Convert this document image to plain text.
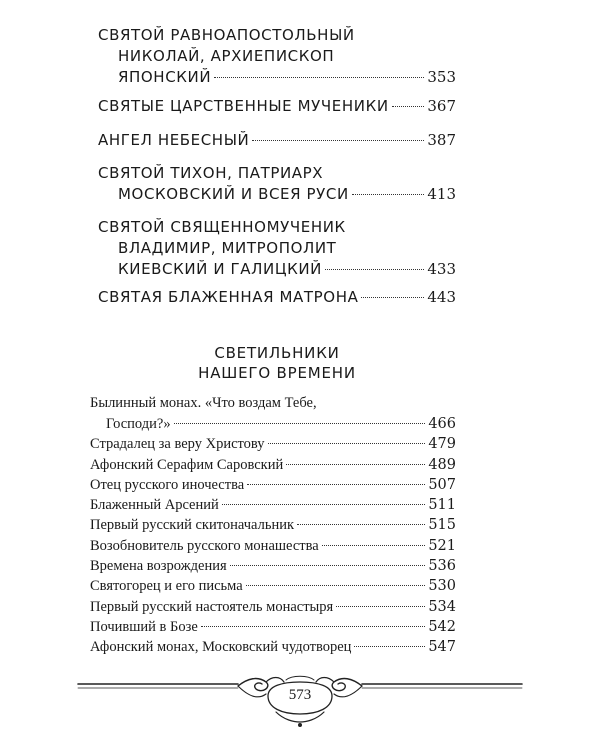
СВЯТОЙ РАВНОАПОСТОЛЬНЫЙ
НИКОЛАЙ, АРХИЕПИСКОП
ЯПОНСКИЙ	353
СВЯТЫЕ ЦАРСТВЕННЫЕ МУЧЕНИКИ	367
АНГЕЛ НЕБЕСНЫЙ	387
СВЯТОЙ ТИХОН, ПАТРИАРХ
МОСКОВСКИЙ И ВСЕЯ РУСИ	413
СВЯТОЙ СВЯЩЕННОМУЧЕНИК
ВЛАДИМИР, МИТРОПОЛИТ
КИЕВСКИЙ И ГАЛИЦКИЙ	433
СВЯТАЯ БЛАЖЕННАЯ МАТРОНА	443
СВЕТИЛЬНИКИ
НАШЕГО ВРЕМЕНИ
Былинный монах. «Что воздам Тебе,
Господи?»	466
Страдалец за веру Христову	479
Афонский Серафим Саровский	489
Отец русского иночества	507
Блаженный Арсений	511
Первый русский скитоначальник	515
Возобновитель русского монашества	521
Времена возрождения	536
Святогорец и его письма	530
Первый русский настоятель монастыря	534
Почивший в Бозе	542
Афонский монах, Московский чудотворец	547
573
